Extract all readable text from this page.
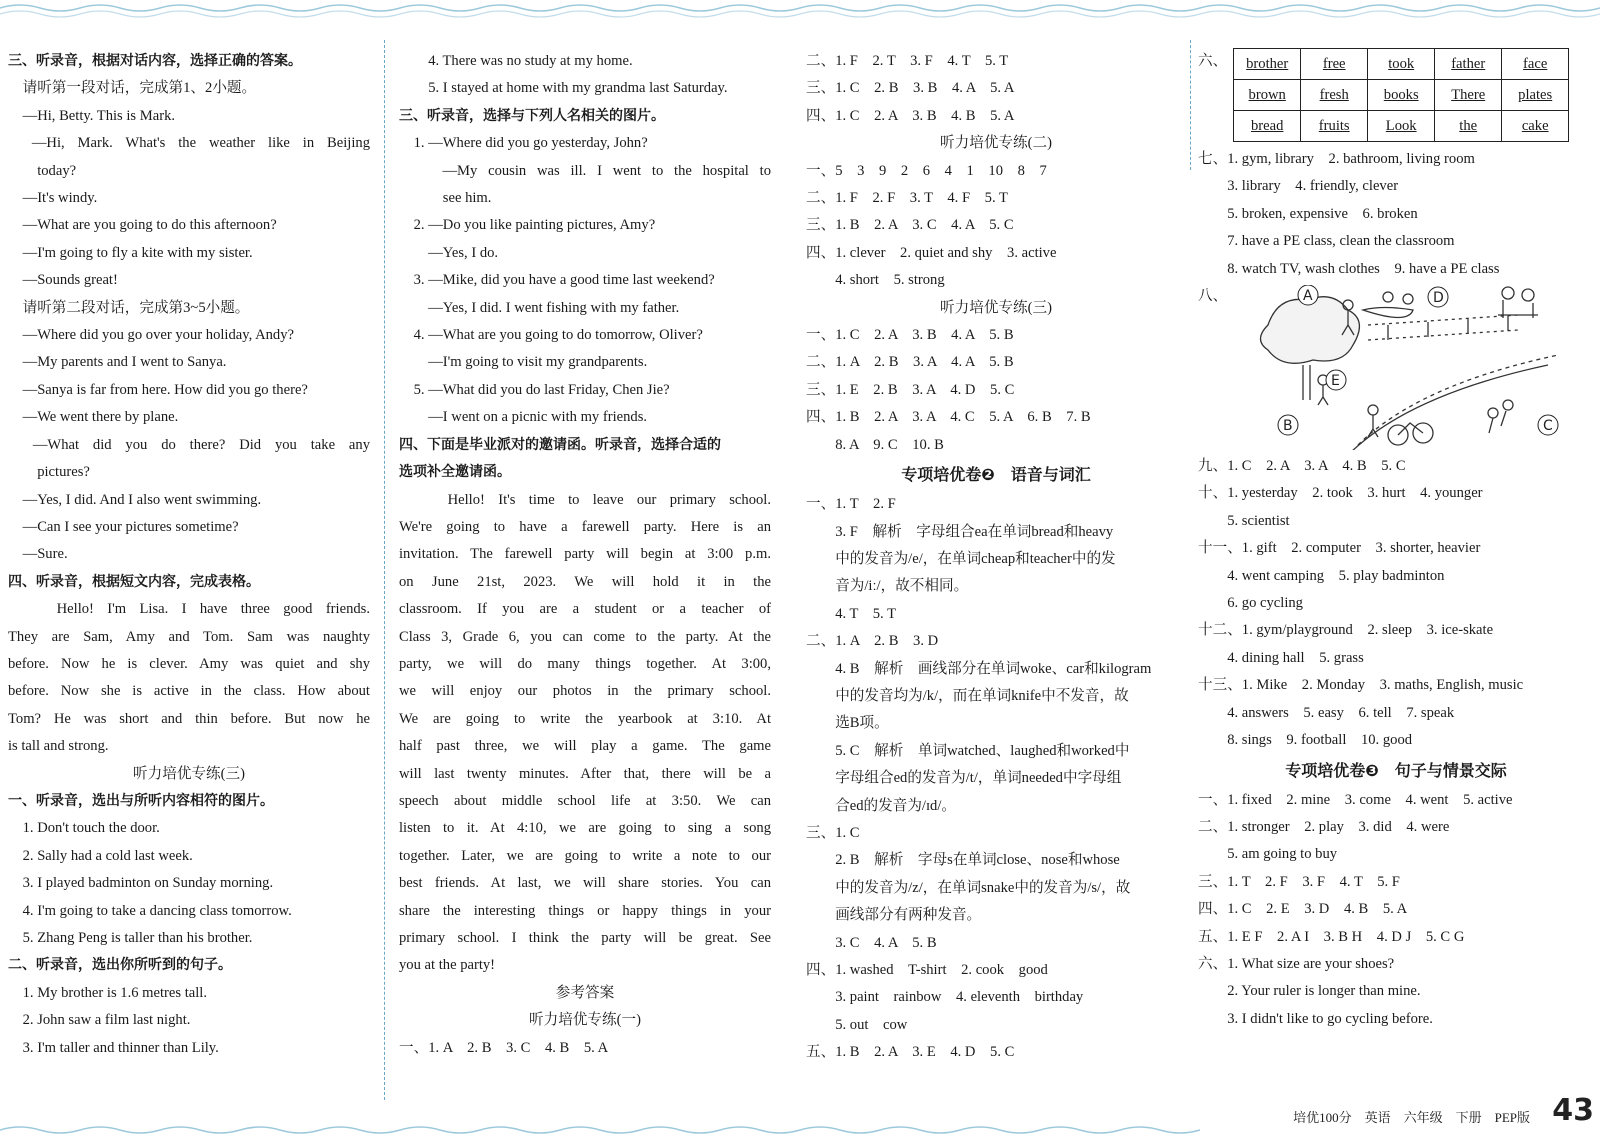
三、听录音，根据对话内容，选择正确的答案。
　请听第一段对话，完成第1、2小题。
　—Hi, Betty. This is Mark.
　—Hi, Mark. What's the weather like in Beijing
　　today?
　—It's windy.
　—What are you going to do this afternoon?
　—I'm going to fly a kite with my sister.
　—Sounds great!
　请听第二段对话，完成第3~5小题。
　—Where did you go over your holiday, Andy?
　—My parents and I went to Sanya.
　—Sanya is far from here. How did you go there?
　—We went there by plane.
　—What did you do there? Did you take any
　　pictures?
　—Yes, I did. And I also went swimming.
　—Can I see your pictures sometime?
　—Sure.
四、听录音，根据短文内容，完成表格。
　　Hello! I'm Lisa. I have three good friends.
They are Sam, Amy and Tom. Sam was naughty
before. Now he is clever. Amy was quiet and shy
before. Now she is active in the class. How about
Tom? He was short and thin before. But now he
is tall and strong.
听力培优专练(三)
一、听录音，选出与所听内容相符的图片。
　1. Don't touch the door.
　2. Sally had a cold last week.
　3. I played badminton on Sunday morning.
　4. I'm going to take a dancing class tomorrow.
　5. Zhang Peng is taller than his brother.
二、听录音，选出你所听到的句子。
　1. My brother is 1.6 metres tall.
　2. John saw a film last night.
　3. I'm taller and thinner than Lily.
　　4. There was no study at my home.
　　5. I stayed at home with my grandma last Saturday.
三、听录音，选择与下列人名相关的图片。
　1. —Where did you go yesterday, John?
　　—My cousin was ill. I went to the hospital to
　　　see him.
　2. —Do you like painting pictures, Amy?
　　—Yes, I do.
　3. —Mike, did you have a good time last weekend?
　　—Yes, I did. I went fishing with my father.
　4. —What are you going to do tomorrow, Oliver?
　　—I'm going to visit my grandparents.
　5. —What did you do last Friday, Chen Jie?
　　—I went on a picnic with my friends.
四、下面是毕业派对的邀请函。听录音，选择合适的
选项补全邀请函。
　　Hello! It's time to leave our primary school.
We're going to have a farewell party. Here is an
invitation. The farewell party will begin at 3:00 p.m.
on June 21st, 2023. We will hold it in the
classroom. If you are a student or a teacher of
Class 3, Grade 6, you can come to the party. At the
party, we will do many things together. At 3:00,
we will enjoy our photos in the primary school.
We are going to write the yearbook at 3:10. At
half past three, we will play a game. The game
will last twenty minutes. After that, there will be a
speech about middle school life at 3:50. We can
listen to it. At 4:10, we are going to sing a song
together. Later, we are going to write a note to our
best friends. At last, we will share stories. You can
share the interesting things or happy things in your
primary school. I think the party will be great. See
you at the party!
参考答案
听力培优专练(一)
一、1. A　2. B　3. C　4. B　5. A
二、1. F　2. T　3. F　4. T　5. T
三、1. C　2. B　3. B　4. A　5. A
四、1. C　2. A　3. B　4. B　5. A
听力培优专练(二)
一、5　3　9　2　6　4　1　10　8　7
二、1. F　2. F　3. T　4. F　5. T
三、1. B　2. A　3. C　4. A　5. C
四、1. clever　2. quiet and shy　3. active
　　4. short　5. strong
听力培优专练(三)
一、1. C　2. A　3. B　4. A　5. B
二、1. A　2. B　3. A　4. A　5. B
三、1. E　2. B　3. A　4. D　5. C
四、1. B　2. A　3. A　4. C　5. A　6. B　7. B
　　8. A　9. C　10. B
专项培优卷❷　语音与词汇
一、1. T　2. F
　　3. F　解析　字母组合ea在单词bread和heavy
　　中的发音为/e/，在单词cheap和teacher中的发
　　音为/iː/，故不相同。
　　4. T　5. T
二、1. A　2. B　3. D
　　4. B　解析　画线部分在单词woke、car和kilogram
　　中的发音均为/k/，而在单词knife中不发音，故
　　选B项。
　　5. C　解析　单词watched、laughed和worked中
　　字母组合ed的发音为/t/，单词needed中字母组
　　合ed的发音为/ɪd/。
三、1. C
　　2. B　解析　字母s在单词close、nose和whose
　　中的发音为/z/，在单词snake中的发音为/s/，故
　　画线部分有两种发音。
　　3. C　4. A　5. B
四、1. washed　T-shirt　2. cook　good
　　3. paint　rainbow　4. eleventh　birthday
　　5. out　cow
五、1. B　2. A　3. E　4. D　5. C
六、 brother	free	took	father	face
brown	fresh	books	There	plates
bread	fruits	Look	the	cake
七、1. gym, library　2. bathroom, living room
　　3. library　4. friendly, clever
　　5. broken, expensive　6. broken
　　7. have a PE class, clean the classroom
　　8. watch TV, wash clothes　9. have a PE class
八、	A	D
E
B	C
九、1. C　2. A　3. A　4. B　5. C
十、1. yesterday　2. took　3. hurt　4. younger
　　5. scientist
十一、1. gift　2. computer　3. shorter, heavier
　　4. went camping　5. play badminton
　　6. go cycling
十二、1. gym/playground　2. sleep　3. ice-skate
　　4. dining hall　5. grass
十三、1. Mike　2. Monday　3. maths, English, music
　　4. answers　5. easy　6. tell　7. speak
　　8. sings　9. football　10. good
专项培优卷❸　句子与情景交际
一、1. fixed　2. mine　3. come　4. went　5. active
二、1. stronger　2. play　3. did　4. were
　　5. am going to buy
三、1. T　2. F　3. F　4. T　5. F
四、1. C　2. E　3. D　4. B　5. A
五、1. E F　2. A I　3. B H　4. D J　5. C G
六、1. What size are your shoes?
　　2. Your ruler is longer than mine.
　　3. I didn't like to go cycling before.
培优100分　英语　六年级　下册　PEP版 43
